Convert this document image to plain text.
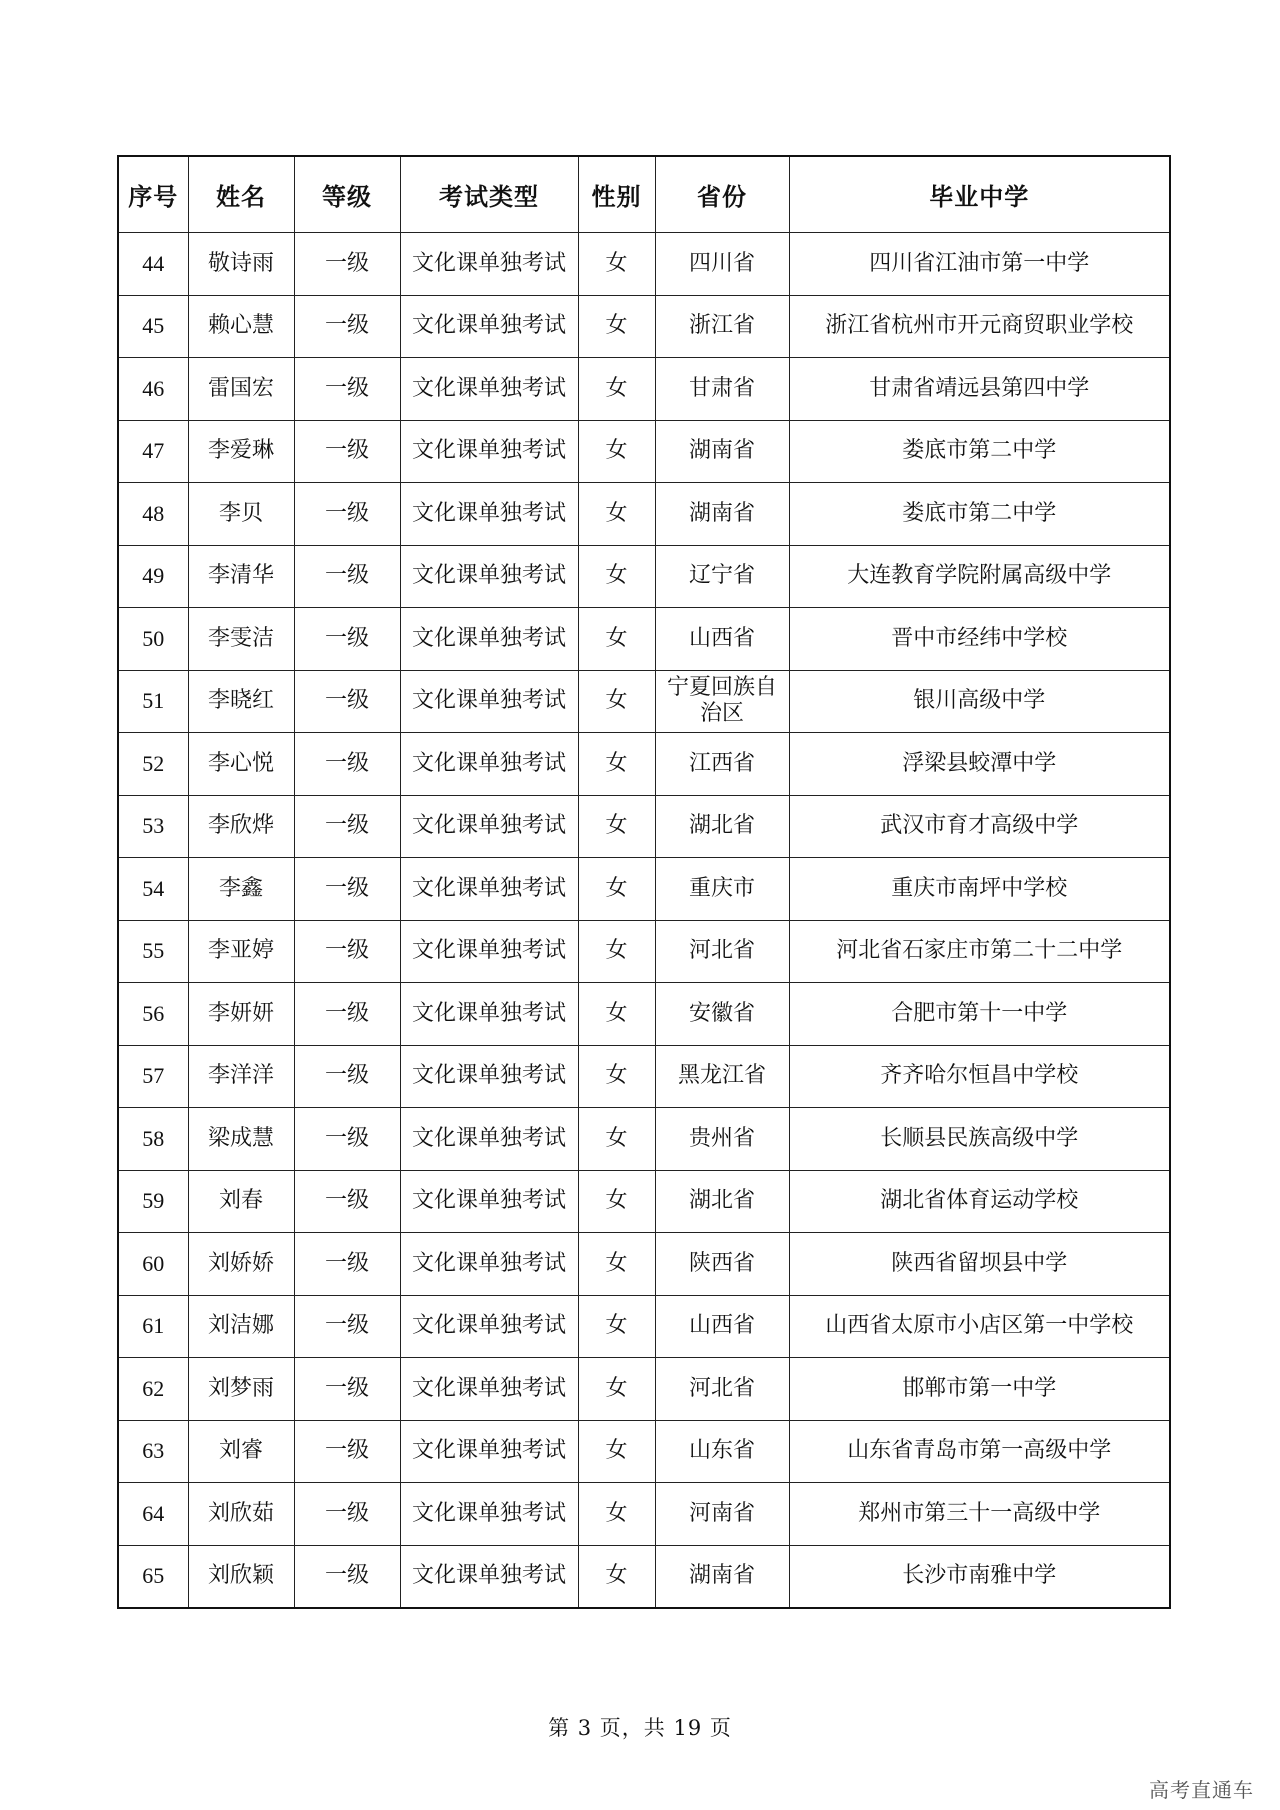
序号	姓名	等级	考试类型	性别	省份	毕业中学
44	敬诗雨	一级	文化课单独考试	女	四川省	四川省江油市第一中学
45	赖心慧	一级	文化课单独考试	女	浙江省	浙江省杭州市开元商贸职业学校
46	雷国宏	一级	文化课单独考试	女	甘肃省	甘肃省靖远县第四中学
47	李爱琳	一级	文化课单独考试	女	湖南省	娄底市第二中学
48	李贝	一级	文化课单独考试	女	湖南省	娄底市第二中学
49	李清华	一级	文化课单独考试	女	辽宁省	大连教育学院附属高级中学
50	李雯洁	一级	文化课单独考试	女	山西省	晋中市经纬中学校
51	李晓红	一级	文化课单独考试	女	宁夏回族自治区	银川高级中学
52	李心悦	一级	文化课单独考试	女	江西省	浮梁县蛟潭中学
53	李欣烨	一级	文化课单独考试	女	湖北省	武汉市育才高级中学
54	李鑫	一级	文化课单独考试	女	重庆市	重庆市南坪中学校
55	李亚婷	一级	文化课单独考试	女	河北省	河北省石家庄市第二十二中学
56	李妍妍	一级	文化课单独考试	女	安徽省	合肥市第十一中学
57	李洋洋	一级	文化课单独考试	女	黑龙江省	齐齐哈尔恒昌中学校
58	梁成慧	一级	文化课单独考试	女	贵州省	长顺县民族高级中学
59	刘春	一级	文化课单独考试	女	湖北省	湖北省体育运动学校
60	刘娇娇	一级	文化课单独考试	女	陕西省	陕西省留坝县中学
61	刘洁娜	一级	文化课单独考试	女	山西省	山西省太原市小店区第一中学校
62	刘梦雨	一级	文化课单独考试	女	河北省	邯郸市第一中学
63	刘睿	一级	文化课单独考试	女	山东省	山东省青岛市第一高级中学
64	刘欣茹	一级	文化课单独考试	女	河南省	郑州市第三十一高级中学
65	刘欣颖	一级	文化课单独考试	女	湖南省	长沙市南雅中学
第 3 页，共 19 页
高考直通车
